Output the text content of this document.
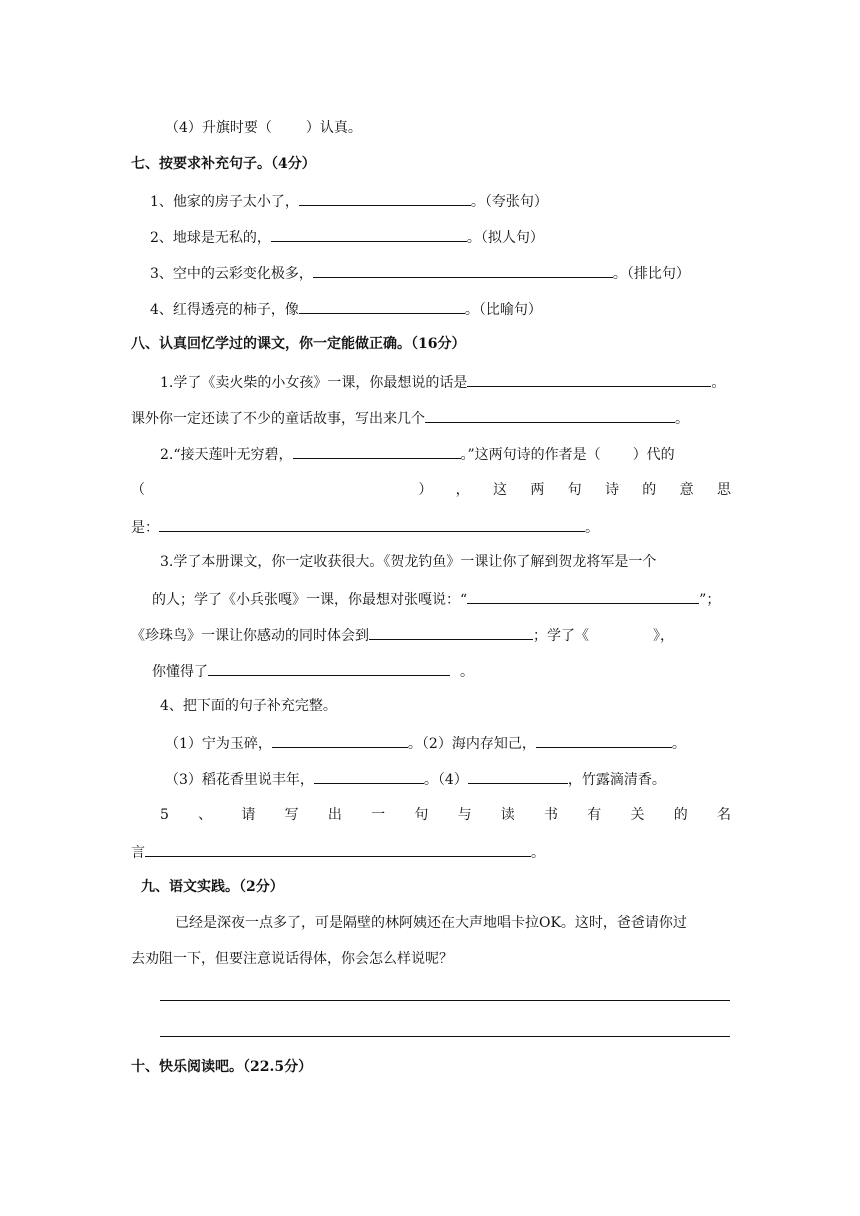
（4）升旗时要（ ）认真。
七、按要求补充句子。（4分）
1、他家的房子太小了，	。（夸张句）
2、地球是无私的，	。（拟人句）
3、空中的云彩变化极多，	。（排比句）
4、红得透亮的柿子，像	。（比喻句）
八、认真回忆学过的课文，你一定能做正确。（16分）
1.学了《卖火柴的小女孩》一课，你最想说的话是	。
课外你一定还读了不少的童话故事，写出来几个	。
2.“接天莲叶无穷碧，	。”这两句诗的作者是（ ）代的
（	） ， 这 两 句 诗 的 意 思
是：	。
3.学了本册课文，你一定收获很大。《贺龙钓鱼》一课让你了解到贺龙将军是一个
的人；学了《小兵张嘎》一课，你最想对张嘎说：“	”；
《珍珠鸟》一课让你感动的同时体会到	；学了《	》，
你懂得了	。
4、把下面的句子补充完整。
（1）宁为玉碎，	。（2）海内存知己，	。
（3）稻花香里说丰年，	。（4）	，竹露滴清香。
5 、 请 写 出 一 句 与 读 书 有 关 的 名
言	。
九、语文实践。（2分）
已经是深夜一点多了，可是隔壁的林阿姨还在大声地唱卡拉OK。这时，爸爸请你过
去劝阻一下，但要注意说话得体，你会怎么样说呢？
十、快乐阅读吧。（22.5分）
